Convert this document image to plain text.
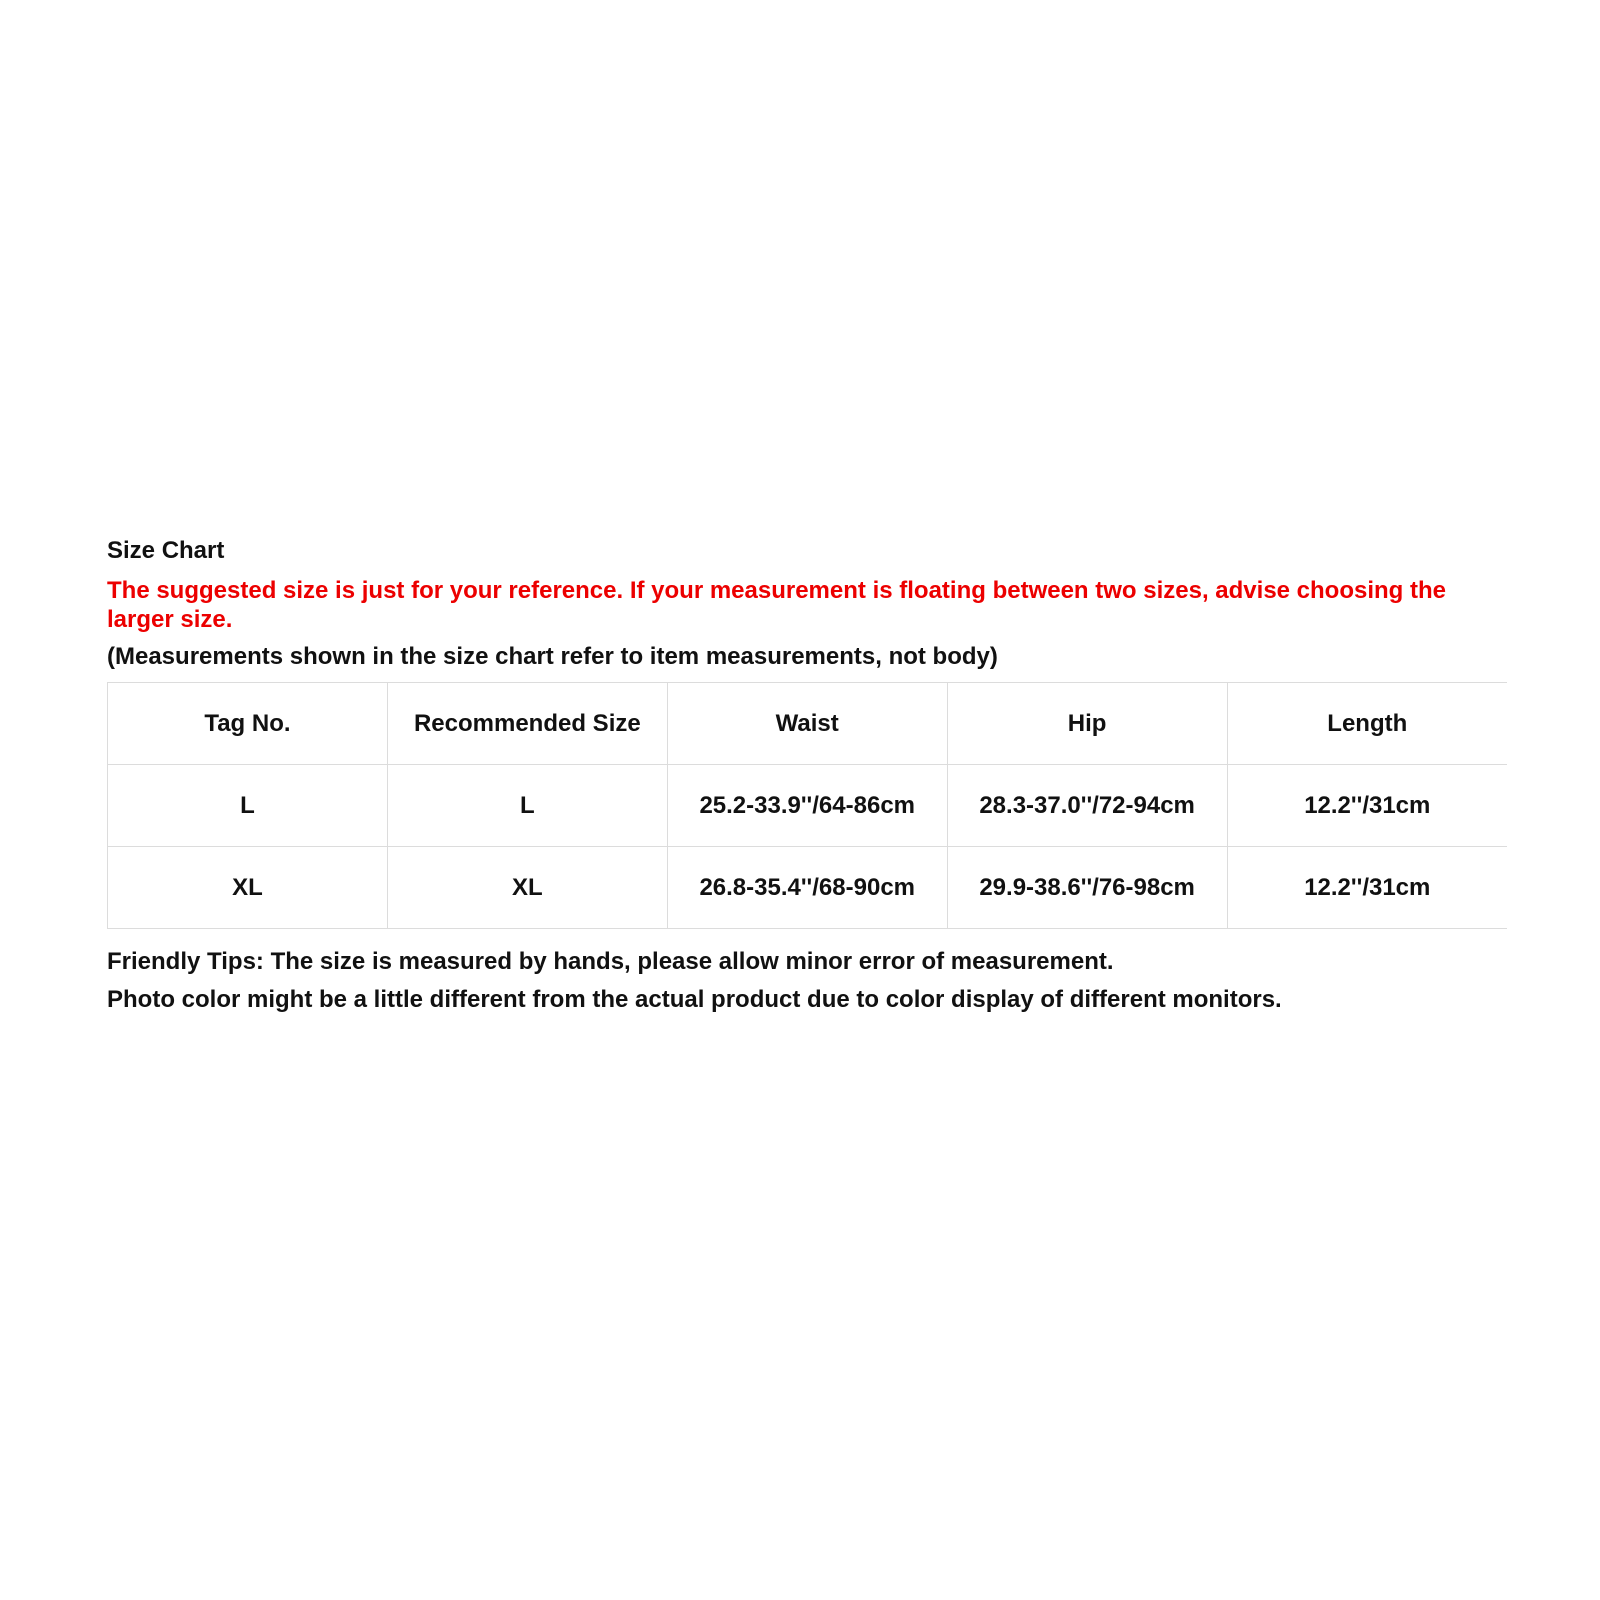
Size Chart
The suggested size is just for your reference. If your measurement is floating between two sizes, advise choosing the larger size.
(Measurements shown in the size chart refer to item measurements, not body)
Tag No.	Recommended Size	Waist	Hip	Length
L	L	25.2-33.9''/64-86cm	28.3-37.0''/72-94cm	12.2''/31cm
XL	XL	26.8-35.4''/68-90cm	29.9-38.6''/76-98cm	12.2''/31cm
Friendly Tips: The size is measured by hands, please allow minor error of measurement.
Photo color might be a little different from the actual product due to color display of different monitors.
